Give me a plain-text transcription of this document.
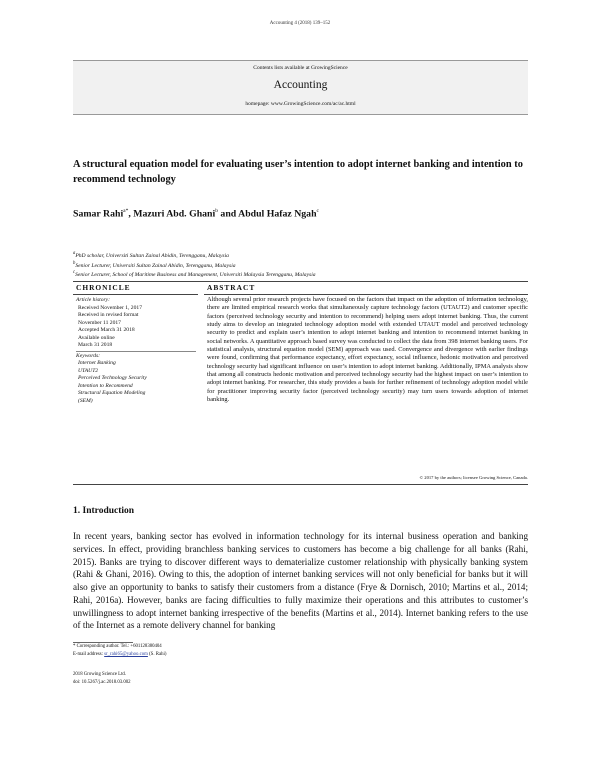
Accounting 4 (2018) 139–152
Contents lists available at GrowingScience
Accounting
homepage: www.GrowingScience.com/ac/ac.html
A structural equation model for evaluating user’s intention to adopt internet banking and intention to recommend technology
Samar Rahi$^{a*}$, Mazuri Abd. Ghani$^b$ and Abdul Hafaz Ngah$^c$
$^a$PhD scholar, Universiti Sultan Zainal Abidin, Terengganu, Malaysia
$^b$Senior Lecturer, Universiti Sultan Zainal Abidin, Terengganu, Malaysia
$^c$Senior Lecturer, School of Maritime Business and Management, Universiti Malaysia Terengganu, Malaysia
CHRONICLE	ABSTRACT
Article history:
Received November 1, 2017
Received in revised format
November 11 2017
Accepted March 31 2018
Available online
March 31 2018
Keywords:
Internet Banking
UTAUT2
Perceived Technology Security
Intention to Recommend
Structural Equation Modeling
(SEM)
Although several prior research projects have focused on the factors that impact on the adoption of information technology, there are limited empirical research works that simultaneously capture technology factors (UTAUT2) and customer specific factors (perceived technology security and intention to recommend) helping users adopt internet banking. Thus, the current study aims to develop an integrated technology adoption model with extended UTAUT model and perceived technology security to predict and explain user’s intention to adopt internet banking and intention to recommend internet banking in social networks. A quantitative approach based survey was conducted to collect the data from 398 internet banking users. For statistical analysis, structural equation model (SEM) approach was used. Convergence and divergence with earlier findings were found, confirming that performance expectancy, effort expectancy, social influence, hedonic motivation and perceived technology security had significant influence on user’s intention to adopt internet banking. Additionally, IPMA analysis show that among all constructs hedonic motivation and perceived technology security had the highest impact on user’s intention to adopt internet banking. For researcher, this study provides a basis for further refinement of technology adoption model while for practitioner improving security factor (perceived technology security) may turn users towards adoption of internet banking.
© 2017 by the authors; licensee Growing Science, Canada.
1. Introduction
In recent years, banking sector has evolved in information technology for its internal business operation and banking services. In effect, providing branchless banking services to customers has become a big challenge for all banks (Rahi, 2015). Banks are trying to discover different ways to dematerialize customer relationship with physically banking system (Rahi & Ghani, 2016). Owing to this, the adoption of internet banking services will not only beneficial for banks but it will also give an opportunity to banks to satisfy their customers from a distance (Frye & Dornisch, 2010; Martins et al., 2014; Rahi, 2016a). However, banks are facing difficulties to fully maximize their operations and this attributes to customer’s unwillingness to adopt internet banking irrespective of the benefits (Martins et al., 2014). Internet banking refers to the use of the Internet as a remote delivery channel for banking
* Corresponding author. Tel.: +60112838040​4
E-mail address: sr_rahi65@yahoo.com (S. Rahi)
2018 Growing Science Ltd.
doi: 10.5267/j.ac.2018.03.002
